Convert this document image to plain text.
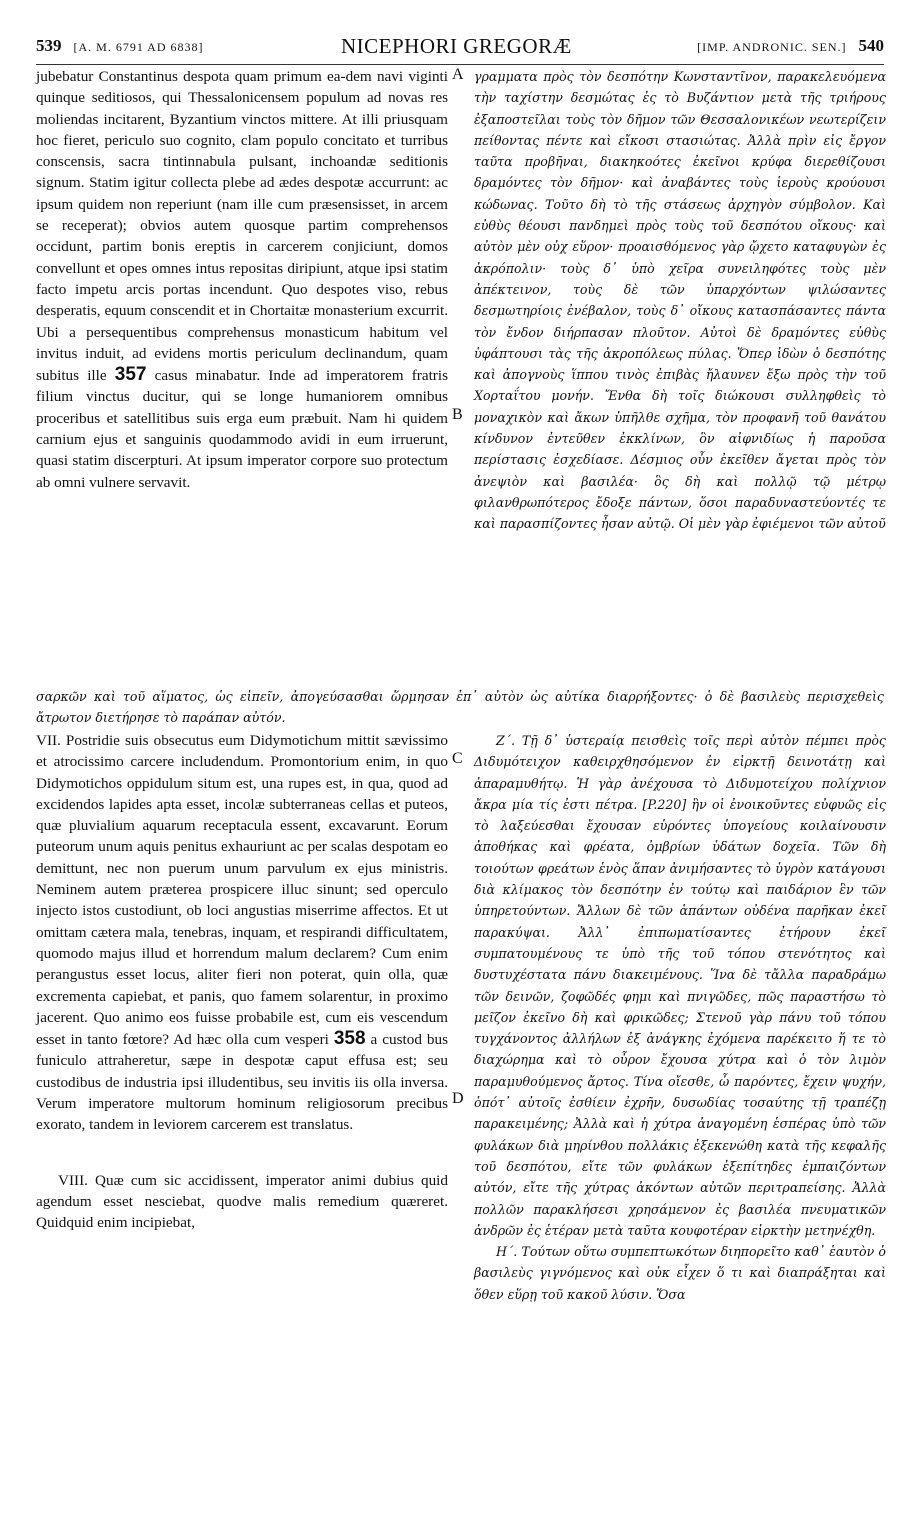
539 [A. M. 6791 AD 6838]	NICEPHORI GREGORÆ	[IMP. ANDRONIC. SEN.] 540
A
B
C
D

jubebatur Constantinus despota quam primum ea-dem navi viginti quinque seditiosos, qui Thessalonicensem populum ad novas res moliendas incitarent, Byzantium vinctos mittere. At illi priusquam hoc fieret, periculo suo cognito, clam populo concitato et turribus conscensis, sacra tintinnabula pulsant, inchoandæ seditionis signum. Statim igitur collecta plebe ad ædes despotæ accurrunt: ac ipsum quidem non reperiunt (nam ille cum præsensisset, in arcem se receperat); obvios autem quosque partim comprehensos occidunt, partim bonis ereptis in carcerem conjiciunt, domos convellunt et opes omnes intus repositas diripiunt, atque ipsi statim facto impetu arcis portas incendunt. Quo despotes viso, rebus desperatis, equum conscendit et in Chortaitæ monasterium excurrit. Ubi a persequentibus comprehensus monasticum habitum vel invitus induit, ad evidens mortis periculum declinandum, quam subitus ille 357 casus minabatur. Inde ad imperatorem fratris filium vinctus ducitur, qui se longe humaniorem omnibus proceribus et satellitibus suis erga eum præbuit. Nam hi quidem carnium ejus et sanguinis quodammodo avidi in eum irruerunt, quasi statim discerpturi. At ipsum imperator corpore suo protectum ab omni vulnere servavit.

γραμματα πρὸς τὸν δεσπότην Κωνσταντῖνον, παρακελευόμενα τὴν ταχίστην δεσμώτας ἐς τὸ Βυζάντιον μετὰ τῆς τριήρους ἐξαποστεῖλαι τοὺς τὸν δῆμον τῶν Θεσσαλονικέων νεωτερίζειν πείθοντας πέντε καὶ εἴκοσι στασιώτας. Ἀλλὰ πρὶν εἰς ἔργον ταῦτα προβῆναι, διακηκοότες ἐκεῖνοι κρύφα διερεθίζουσι δραμόντες τὸν δῆμον· καὶ ἀναβάντες τοὺς ἱεροὺς κρούουσι κώδωνας. Τοῦτο δὴ τὸ τῆς στάσεως ἀρχηγὸν σύμβολον. Καὶ εὐθὺς θέουσι πανδημεὶ πρὸς τοὺς τοῦ δεσπότου οἴκους· καὶ αὐτὸν μὲν οὐχ εὕρον· προαισθόμενος γὰρ ᾤχετο καταφυγὼν ἐς ἀκρόπολιν· τοὺς δ᾽ ὑπὸ χεῖρα συνειληφότες τοὺς μὲν ἀπέκτεινον, τοὺς δὲ τῶν ὑπαρχόντων ψιλώσαντες δεσμωτηρίοις ἐνέβαλον, τοὺς δ᾽ οἴκους κατασπάσαντες πάντα τὸν ἔνδον διήρπασαν πλοῦτον. Αὐτοὶ δὲ δραμόντες εὐθὺς ὑφάπτουσι τὰς τῆς ἀκροπόλεως πύλας. Ὅπερ ἰδὼν ὁ δεσπότης καὶ ἀπογνοὺς ἵππου τινὸς ἐπιβὰς ἤλαυνεν ἔξω πρὸς τὴν τοῦ Χορταΐτου μονήν. Ἔνθα δὴ τοῖς διώκουσι συλληφθεὶς τὸ μοναχικὸν καὶ ἄκων ὑπῆλθε σχῆμα, τὸν προφανῆ τοῦ θανάτου κίνδυνον ἐντεῦθεν ἐκκλίνων, ὃν αἰφνιδίως ἡ παροῦσα περίστασις ἐσχεδίασε. Δέσμιος οὖν ἐκεῖθεν ἄγεται πρὸς τὸν ἀνεψιὸν καὶ βασιλέα· ὃς δὴ καὶ πολλῷ τῷ μέτρῳ φιλανθρωπότερος ἔδοξε πάντων, ὅσοι παραδυναστεύοντές τε καὶ παρασπίζοντες ἦσαν αὐτῷ. Οἱ μὲν γὰρ ἐφιέμενοι τῶν αὐτοῦ

σαρκῶν καὶ τοῦ αἵματος, ὡς εἰπεῖν, ἀπογεύσασθαι ὥρμησαν ἐπ᾽ αὐτὸν ὡς αὐτίκα διαρρήξοντες· ὁ δὲ βασιλεὺς περισχεθεὶς ἄτρωτον διετήρησε τὸ παράπαν αὐτόν.

VII. Postridie suis obsecutus eum Didymotichum mittit sævissimo et atrocissimo carcere includendum. Promontorium enim, in quo Didymotichos oppidulum situm est, una rupes est, in qua, quod ad excidendos lapides apta esset, incolæ subterraneas cellas et puteos, quæ pluvialium aquarum receptacula essent, excavarunt. Eorum puteorum unum aquis penitus exhauriunt ac per scalas despotam eo demittunt, nec non puerum unum parvulum ex ejus ministris. Neminem autem præterea prospicere illuc sinunt; sed operculo injecto istos custodiunt, ob loci angustias miserrime affectos. Et ut omittam cætera mala, tenebras, inquam, et respirandi difficultatem, quomodo majus illud et horrendum malum declarem? Cum enim perangustus esset locus, aliter fieri non poterat, quin olla, quæ excrementa capiebat, et panis, quo famem solarentur, in proximo jacerent. Quo animo eos fuisse probabile est, cum eis vescendum esset in tanto fœtore? Ad hæc olla cum vesperi 358 a custod bus funiculo attraheretur, sæpe in despotæ caput effusa est; seu custodibus de industria ipsi illudentibus, seu invitis iis olla inversa. Verum imperatore multorum hominum religiosorum precibus exorato, tandem in leviorem carcerem est translatus.

VIII. Quæ cum sic accidissent, imperator animi dubius quid agendum esset nesciebat, quodve malis remedium quæreret. Quidquid enim incipiebat,

Ζ΄. Τῇ δ᾽ ὑστεραίᾳ πεισθεὶς τοῖς περὶ αὐτὸν πέμπει πρὸς Διδυμότειχον καθειρχθησόμενον ἐν εἱρκτῇ δεινοτάτῃ καὶ ἀπαραμυθήτῳ. Ἡ γὰρ ἀνέχουσα τὸ Διδυμοτείχου πολίχνιον ἄκρα μία τίς ἐστι πέτρα. [P.220] ἣν οἱ ἐνοικοῦντες εὐφυῶς εἰς τὸ λαξεύεσθαι ἔχουσαν εὑρόντες ὑπογείους κοιλαίνουσιν ἀποθήκας καὶ φρέατα, ὀμβρίων ὑδάτων δοχεῖα. Τῶν δὴ τοιούτων φρεάτων ἑνὸς ἅπαν ἀνιμήσαντες τὸ ὑγρὸν κατάγουσι διὰ κλίμακος τὸν δεσπότην ἐν τούτῳ καὶ παιδάριον ἓν τῶν ὑπηρετούντων. Ἄλλων δὲ τῶν ἁπάντων οὐδένα παρῆκαν ἐκεῖ παρακύψαι. Ἀλλ᾽ ἐπιπωματίσαντες ἐτήρουν ἐκεῖ συμπατουμένους τε ὑπὸ τῆς τοῦ τόπου στενότητος καὶ δυστυχέστατα πάνυ διακειμένους. Ἵνα δὲ τἄλλα παραδράμω τῶν δεινῶν, ζοφῶδές φημι καὶ πνιγῶδες, πῶς παραστήσω τὸ μεῖζον ἐκεῖνο δὴ καὶ φρικῶδες; Στενοῦ γὰρ πάνυ τοῦ τόπου τυγχάνοντος ἀλλήλων ἐξ ἀνάγκης ἐχόμενα παρέκειτο ἥ τε τὸ διαχώρημα καὶ τὸ οὖρον ἔχουσα χύτρα καὶ ὁ τὸν λιμὸν παραμυθούμενος ἄρτος. Τίνα οἴεσθε, ὦ παρόντες, ἔχειν ψυχήν, ὁπότ᾽ αὐτοῖς ἐσθίειν ἐχρῆν, δυσωδίας τοσαύτης τῇ τραπέζῃ παρακειμένης; Ἀλλὰ καὶ ἡ χύτρα ἀναγομένη ἑσπέρας ὑπὸ τῶν φυλάκων διὰ μηρίνθου πολλάκις ἐξεκενώθη κατὰ τῆς κεφαλῆς τοῦ δεσπότου, εἴτε τῶν φυλάκων ἐξεπίτηδες ἐμπαιζόντων αὐτόν, εἴτε τῆς χύτρας ἀκόντων αὐτῶν περιτραπείσης. Ἀλλὰ πολλῶν παρακλήσεσι χρησάμενον ἐς βασιλέα πνευματικῶν ἀνδρῶν ἐς ἑτέραν μετὰ ταῦτα κουφοτέραν εἱρκτὴν μετηνέχθη.

Η΄. Τούτων οὕτω συμπεπτωκότων διηπορεῖτο καθ᾽ ἑαυτὸν ὁ βασιλεὺς γιγνόμενος καὶ οὐκ εἶχεν ὅ τι καὶ διαπράξηται καὶ ὅθεν εὕρῃ τοῦ κακοῦ λύσιν. Ὅσα
